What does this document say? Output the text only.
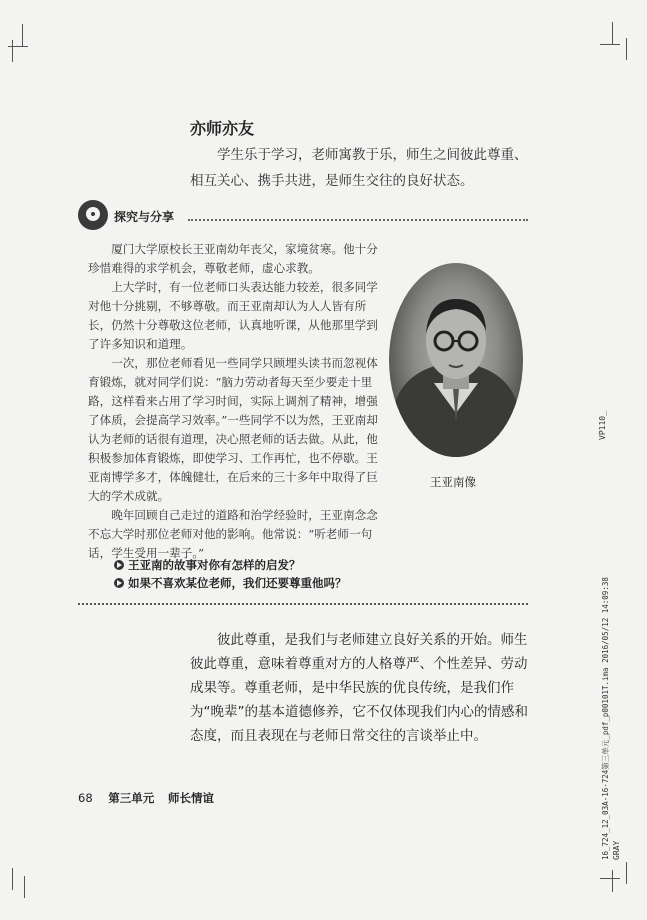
亦师亦友
学生乐于学习，老师寓教于乐，师生之间彼此尊重、相互关心、携手共进，是师生交往的良好状态。
探究与分享

厦门大学原校长王亚南幼年丧父，家境贫寒。他十分珍惜难得的求学机会，尊敬老师，虚心求教。

上大学时，有一位老师口头表达能力较差，很多同学对他十分挑剔，不够尊敬。而王亚南却认为人人皆有所长，仍然十分尊敬这位老师，认真地听课，从他那里学到了许多知识和道理。

一次，那位老师看见一些同学只顾埋头读书而忽视体育锻炼，就对同学们说：“脑力劳动者每天至少要走十里路，这样看来占用了学习时间，实际上调剂了精神，增强了体质，会提高学习效率。”一些同学不以为然，王亚南却认为老师的话很有道理，决心照老师的话去做。从此，他积极参加体育锻炼，即使学习、工作再忙，也不停歇。王亚南博学多才，体魄健壮，在后来的三十多年中取得了巨大的学术成就。

晚年回顾自己走过的道路和治学经验时，王亚南念念不忘大学时那位老师对他的影响。他常说：“听老师一句话，学生受用一辈子。”

王亚南像
王亚南的故事对你有怎样的启发？
如果不喜欢某位老师，我们还要尊重他吗？
彼此尊重，是我们与老师建立良好关系的开始。师生彼此尊重，意味着尊重对方的人格尊严、个性差异、劳动成果等。尊重老师，是中华民族的优良传统，是我们作为“晚辈”的基本道德修养，它不仅体现我们内心的情感和态度，而且表现在与老师日常交往的言谈举止中。
68 第三单元 师长情谊
VP110_
16_724_12_03A-16-724第三单元_pdf_p00101T.ima 2016/05/12 14:09:38 GRAY
